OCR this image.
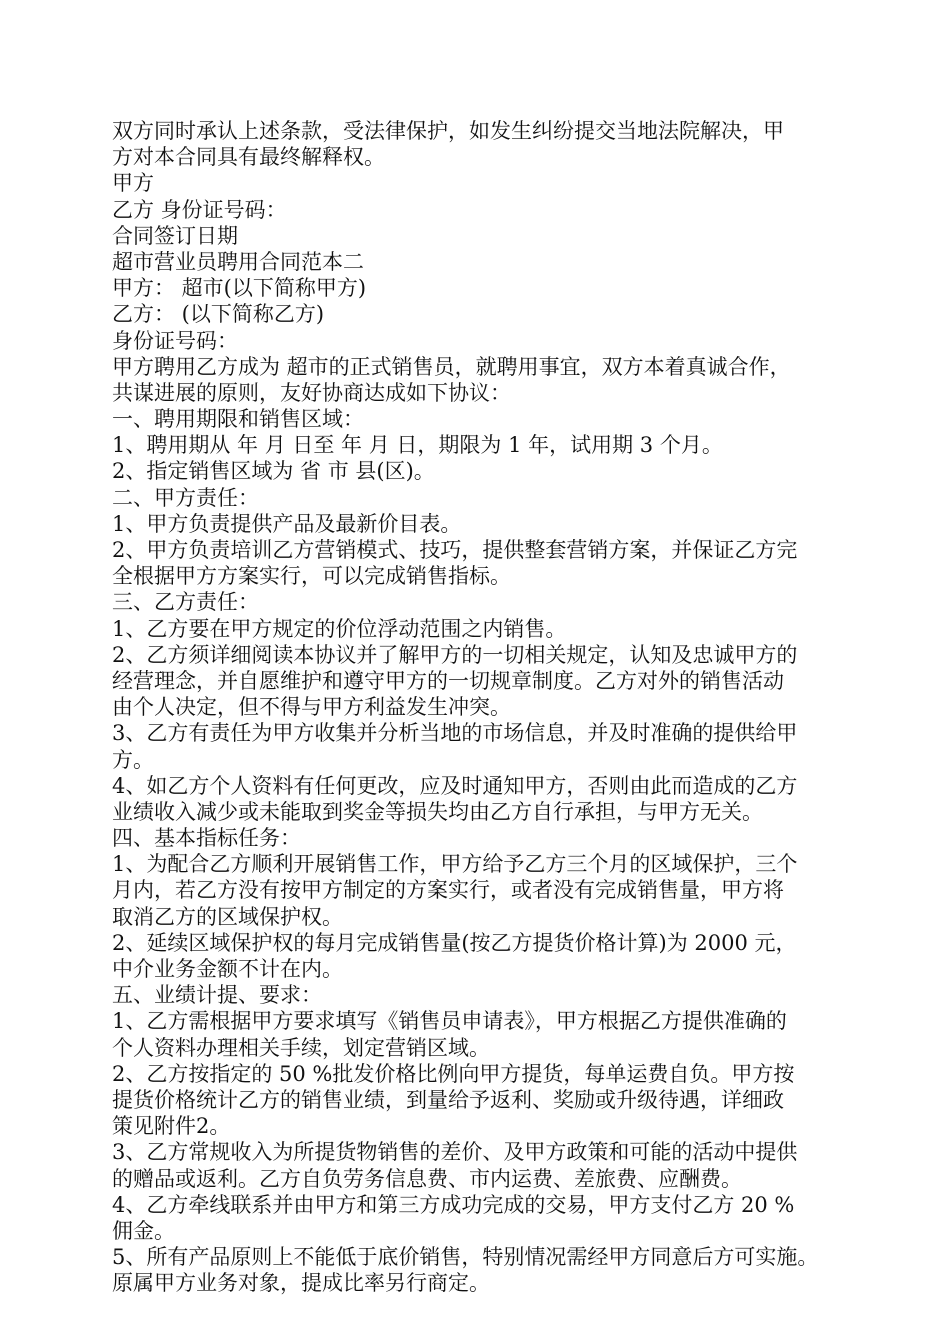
双方同时承认上述条款，受法律保护，如发生纠纷提交当地法院解决，甲
方对本合同具有最终解释权。
甲方
乙方 身份证号码：
合同签订日期
超市营业员聘用合同范本二
甲方： 超市(以下简称甲方)
乙方： (以下简称乙方)
身份证号码：
甲方聘用乙方成为 超市的正式销售员，就聘用事宜，双方本着真诚合作，
共谋进展的原则，友好协商达成如下协议：
一、聘用期限和销售区域：
1、聘用期从 年 月 日至 年 月 日，期限为 1 年，试用期 3 个月。
2、指定销售区域为 省 市 县(区)。
二、甲方责任：
1、甲方负责提供产品及最新价目表。
2、甲方负责培训乙方营销模式、技巧，提供整套营销方案，并保证乙方完
全根据甲方方案实行，可以完成销售指标。
三、乙方责任：
1、乙方要在甲方规定的价位浮动范围之内销售。
2、乙方须详细阅读本协议并了解甲方的一切相关规定，认知及忠诚甲方的
经营理念，并自愿维护和遵守甲方的一切规章制度。乙方对外的销售活动
由个人决定，但不得与甲方利益发生冲突。
3、乙方有责任为甲方收集并分析当地的市场信息，并及时准确的提供给甲
方。
4、如乙方个人资料有任何更改，应及时通知甲方，否则由此而造成的乙方
业绩收入减少或未能取到奖金等损失均由乙方自行承担，与甲方无关。
四、基本指标任务：
1、为配合乙方顺利开展销售工作，甲方给予乙方三个月的区域保护，三个
月内，若乙方没有按甲方制定的方案实行，或者没有完成销售量，甲方将
取消乙方的区域保护权。
2、延续区域保护权的每月完成销售量(按乙方提货价格计算)为 2000 元，
中介业务金额不计在内。
五、业绩计提、要求：
1、乙方需根据甲方要求填写《销售员申请表》，甲方根据乙方提供准确的
个人资料办理相关手续，划定营销区域。
2、乙方按指定的 50 %批发价格比例向甲方提货，每单运费自负。甲方按
提货价格统计乙方的销售业绩，到量给予返利、奖励或升级待遇，详细政
策见附件2。
3、乙方常规收入为所提货物销售的差价、及甲方政策和可能的活动中提供
的赠品或返利。乙方自负劳务信息费、市内运费、差旅费、应酬费。
4、乙方牵线联系并由甲方和第三方成功完成的交易，甲方支付乙方 20 %
佣金。
5、所有产品原则上不能低于底价销售，特别情况需经甲方同意后方可实施。
原属甲方业务对象，提成比率另行商定。
